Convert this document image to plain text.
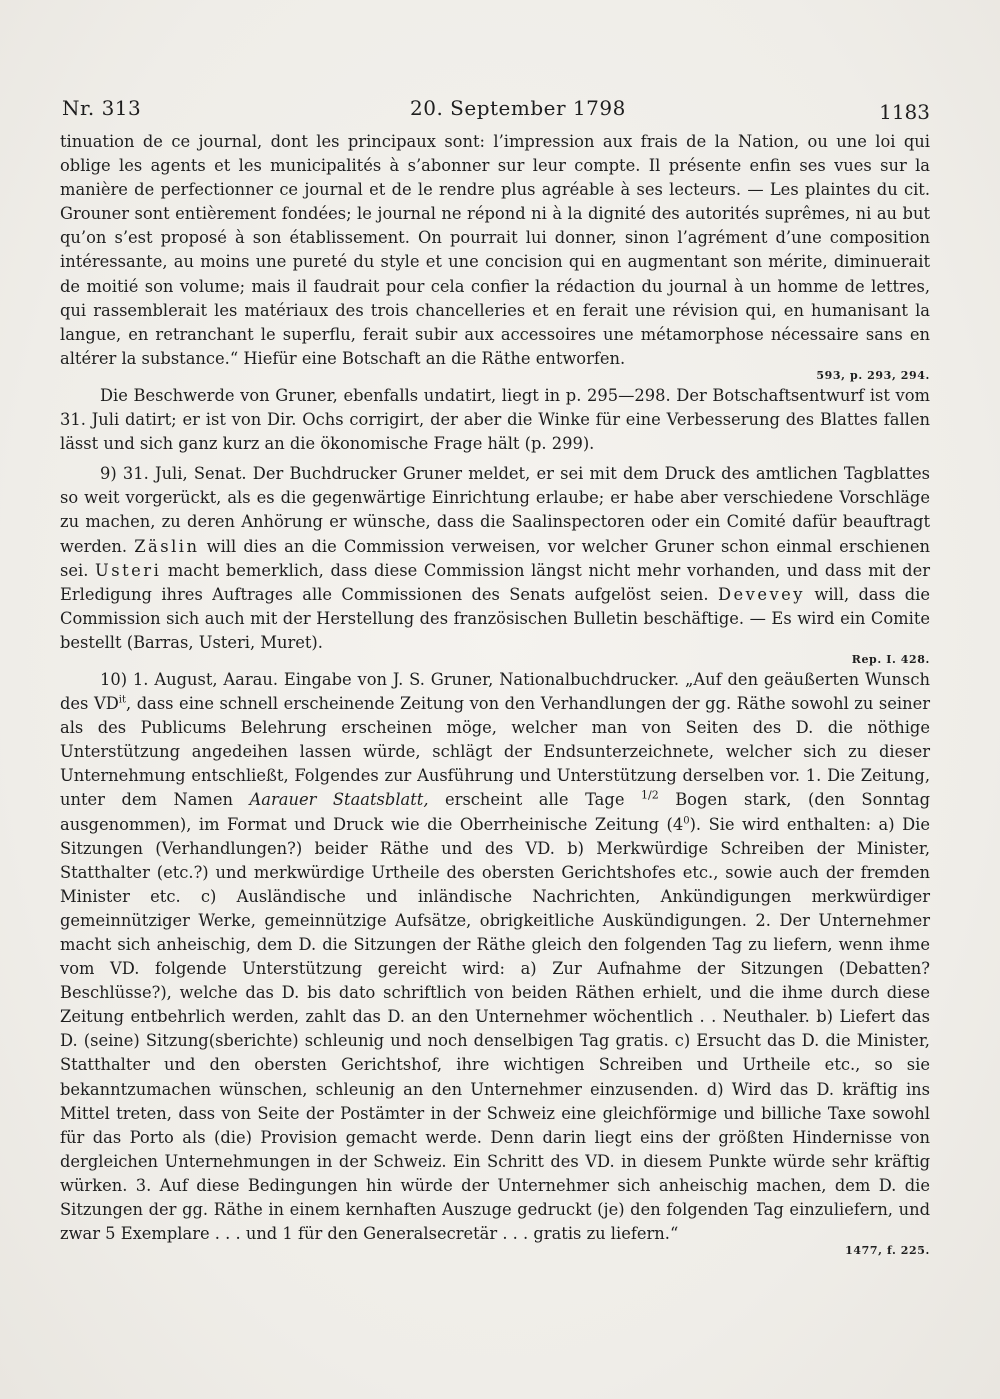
Nr. 313	20. September 1798	1183

tinuation de ce journal, dont les principaux sont: l’impression aux frais de la Nation, ou une loi qui oblige les agents et les municipalités à s’abonner sur leur compte. Il présente enfin ses vues sur la manière de perfectionner ce journal et de le rendre plus agréable à ses lecteurs. — Les plaintes du cit. Grouner sont entièrement fondées; le journal ne répond ni à la dignité des autorités suprêmes, ni au but qu’on s’est proposé à son établissement. On pourrait lui donner, sinon l’agrément d’une composition intéressante, au moins une pureté du style et une concision qui en augmentant son mérite, diminuerait de moitié son volume; mais il faudrait pour cela confier la rédaction du journal à un homme de lettres, qui rassemblerait les matériaux des trois chancelleries et en ferait une révision qui, en humanisant la langue, en retranchant le superflu, ferait subir aux accessoires une métamorphose nécessaire sans en altérer la substance.“ Hiefür eine Botschaft an die Räthe entworfen.

593, p. 293, 294.

Die Beschwerde von Gruner, ebenfalls undatirt, liegt in p. 295—298. Der Botschaftsentwurf ist vom 31. Juli datirt; er ist von Dir. Ochs corrigirt, der aber die Winke für eine Verbesserung des Blattes fallen lässt und sich ganz kurz an die ökonomische Frage hält (p. 299).

9) 31. Juli, Senat. Der Buchdrucker Gruner meldet, er sei mit dem Druck des amtlichen Tagblattes so weit vorgerückt, als es die gegenwärtige Einrichtung erlaube; er habe aber verschiedene Vorschläge zu machen, zu deren Anhörung er wünsche, dass die Saalinspectoren oder ein Comité dafür beauftragt werden. Zäslin will dies an die Commission verweisen, vor welcher Gruner schon einmal erschienen sei. Usteri macht bemerklich, dass diese Commission längst nicht mehr vorhanden, und dass mit der Erledigung ihres Auftrages alle Commissionen des Senats aufgelöst seien. Devevey will, dass die Commission sich auch mit der Herstellung des französischen Bulletin beschäftige. — Es wird ein Comite bestellt (Barras, Usteri, Muret).

Rep. I. 428.

10) 1. August, Aarau. Eingabe von J. S. Gruner, Nationalbuchdrucker. „Auf den geäußerten Wunsch des $VD^{it}$, dass eine schnell erscheinende Zeitung von den Verhandlungen der gg. Räthe sowohl zu seiner als des Publicums Belehrung erscheinen möge, welcher man von Seiten des D. die nöthige Unterstützung angedeihen lassen würde, schlägt der Endsunterzeichnete, welcher sich zu dieser Unternehmung entschließt, Folgendes zur Ausführung und Unterstützung derselben vor. 1. Die Zeitung, unter dem Namen Aarauer Staatsblatt, erscheint alle Tage $^{1/2}$ Bogen stark, (den Sonntag ausgenommen), im Format und Druck wie die Oberrheinische Zeitung $(4^0)$. Sie wird enthalten: a) Die Sitzungen (Verhandlungen?) beider Räthe und des VD. b) Merkwürdige Schreiben der Minister, Statthalter (etc.?) und merkwürdige Urtheile des obersten Gerichtshofes etc., sowie auch der fremden Minister etc. c) Ausländische und inländische Nachrichten, Ankündigungen merkwürdiger gemeinnütziger Werke, gemeinnützige Aufsätze, obrigkeitliche Auskündigungen. 2. Der Unternehmer macht sich anheischig, dem D. die Sitzungen der Räthe gleich den folgenden Tag zu liefern, wenn ihme vom VD. folgende Unterstützung gereicht wird: a) Zur Aufnahme der Sitzungen (Debatten? Beschlüsse?), welche das D. bis dato schriftlich von beiden Räthen erhielt, und die ihme durch diese Zeitung entbehrlich werden, zahlt das D. an den Unternehmer wöchentlich . . Neuthaler. b) Liefert das D. (seine) Sitzung(sberichte) schleunig und noch denselbigen Tag gratis. c) Ersucht das D. die Minister, Statthalter und den obersten Gerichtshof, ihre wichtigen Schreiben und Urtheile etc., so sie bekanntzumachen wünschen, schleunig an den Unternehmer einzusenden. d) Wird das D. kräftig ins Mittel treten, dass von Seite der Postämter in der Schweiz eine gleichförmige und billiche Taxe sowohl für das Porto als (die) Provision gemacht werde. Denn darin liegt eins der größten Hindernisse von dergleichen Unternehmungen in der Schweiz. Ein Schritt des VD. in diesem Punkte würde sehr kräftig würken. 3. Auf diese Bedingungen hin würde der Unternehmer sich anheischig machen, dem D. die Sitzungen der gg. Räthe in einem kernhaften Auszuge gedruckt (je) den folgenden Tag einzuliefern, und zwar 5 Exemplare . . . und 1 für den Generalsecretär . . . gratis zu liefern.“

1477, f. 225.
